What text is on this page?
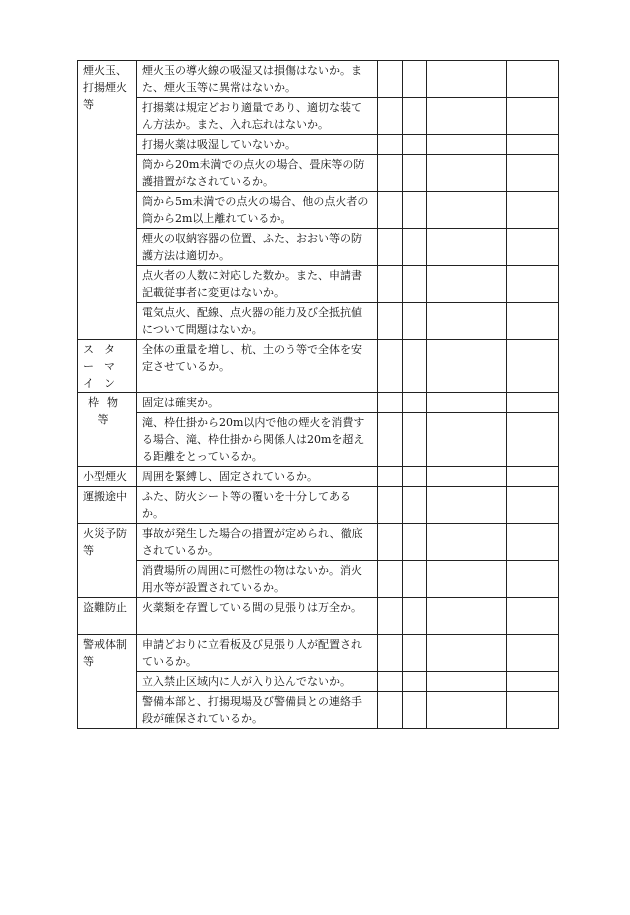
煙火玉、打揚煙火等	煙火玉の導火線の吸湿又は損傷はないか。また、煙火玉等に異常はないか。				
	打揚薬は規定どおり適量であり、適切な装てん方法か。また、入れ忘れはないか。				
	打揚火薬は吸湿していないか。				
	筒から20m未満での点火の場合、畳床等の防護措置がなされているか。				
	筒から5m未満での点火の場合、他の点火者の筒から2m以上離れているか。				
	煙火の収納容器の位置、ふた、おおい等の防護方法は適切か。				
	点火者の人数に対応した数か。また、申請書記載従事者に変更はないか。				
	電気点火、配線、点火器の能力及び全抵抗値について問題はないか。				
スターマイン	全体の重量を増し、杭、土のう等で全体を安定させているか。				
枠物等	固定は確実か。				
	滝、枠仕掛から20m以内で他の煙火を消費する場合、滝、枠仕掛から関係人は20mを超える距離をとっているか。				
小型煙火	周囲を緊縛し、固定されているか。				
運搬途中	ふた、防火シート等の覆いを十分してあるか。				
火災予防等	事故が発生した場合の措置が定められ、徹底されているか。				
	消費場所の周囲に可燃性の物はないか。消火用水等が設置されているか。				
盗難防止	火薬類を存置している間の見張りは万全か。				
警戒体制等	申請どおりに立看板及び見張り人が配置されているか。				
	立入禁止区域内に人が入り込んでないか。				
	警備本部と、打揚現場及び警備員との連絡手段が確保されているか。				
